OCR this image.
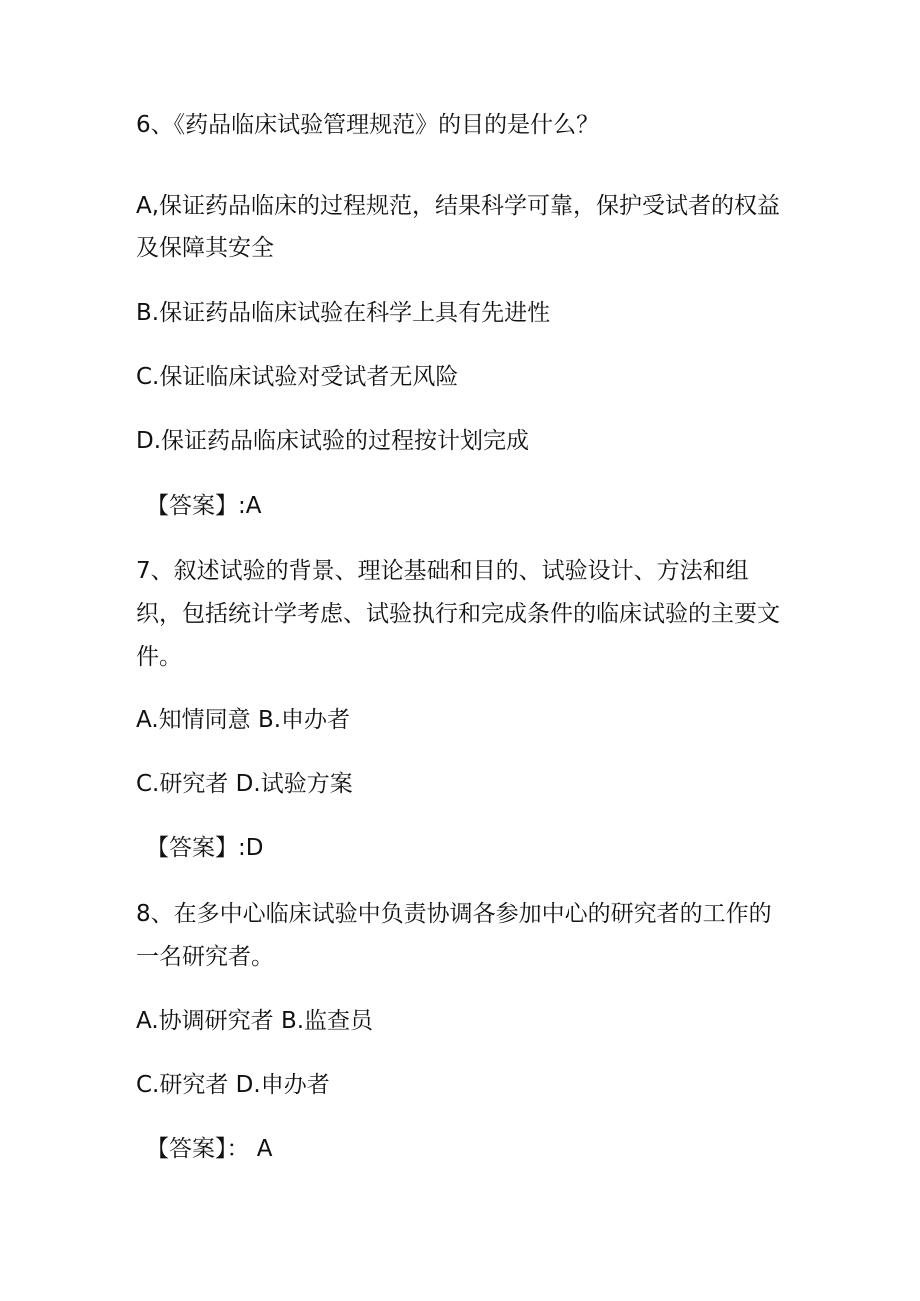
6、《药品临床试验管理规范》的目的是什么？
A,保证药品临床的过程规范，结果科学可靠，保护受试者的权益
及保障其安全
B.保证药品临床试验在科学上具有先进性
C.保证临床试验对受试者无风险
D.保证药品临床试验的过程按计划完成
【答案】:A
7、叙述试验的背景、理论基础和目的、试验设计、方法和组
织，包括统计学考虑、试验执行和完成条件的临床试验的主要文
件。
A.知情同意 B.申办者
C.研究者 D.试验方案
【答案】:D
8、在多中心临床试验中负责协调各参加中心的研究者的工作的
一名研究者。
A.协调研究者 B.监查员
C.研究者 D.申办者
【答案】： A
